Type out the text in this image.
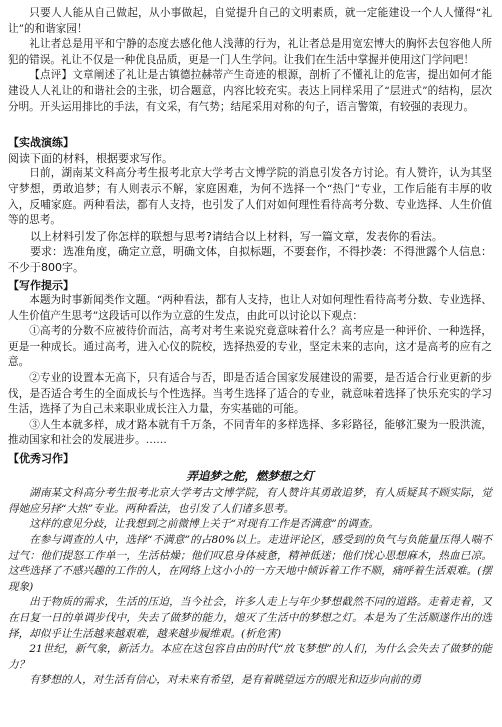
只要人人能从自己做起，从小事做起，自觉提升自己的文明素质，就一定能建设一个人人懂得“礼让”的和谐家园！

礼让者总是用平和宁静的态度去感化他人浅薄的行为，礼让者总是用宽宏博大的胸怀去包容他人所犯的错误。礼让不仅是一种优良品质，更是一门人生学问。让我们在生活中掌握并使用这门学问吧！

【点评】文章阐述了礼让是古镇德拉赫蒂产生奇迹的根源，剖析了不懂礼让的危害，提出如何才能建设人人礼让的和谐社会的主张，切合题意，内容比较充实。表达上同样采用了“层进式”的结构，层次分明。开头运用排比的手法，有文采，有气势；结尾采用对称的句子，语言警策，有较强的表现力。

【实战演练】

阅读下面的材料，根据要求写作。

日前，湖南某文科高分考生报考北京大学考古文博学院的消息引发各方讨论。有人赞许，认为其坚守梦想，勇敢追梦；有人则表示不解，家庭困难，为何不选择一个“热门”专业，工作后能有丰厚的收入，反哺家庭。两种看法，都有人支持，也引发了人们对如何理性看待高考分数、专业选择、人生价值等的思考。

以上材料引发了你怎样的联想与思考?请结合以上材料，写一篇文章，发表你的看法。

要求：选准角度，确定立意，明确文体，自拟标题，不要套作，不得抄袭：不得泄露个人信息：不少于800字。

【写作提示】

本题为时事新闻类作文题。“两种看法，都有人支持，也让人对如何理性看待高考分数、专业选择、人生价值产生思考”这段话可以作为立意的生发点，由此可以讨论以下观点：

①高考的分数不应被待价而沽，高考对考生来说究竟意味着什么？高考应是一种评价、一种选择，更是一种成长。通过高考，进入心仪的院校，选择热爱的专业，坚定未来的志向，这才是高考的应有之意。

②专业的设置本无高下，只有适合与否，即是否适合国家发展建设的需要，是否适合行业更新的步伐，是否适合考生的全面成长与个性选择。当考生选择了适合的专业，就意味着选择了快乐充实的学习生活，选择了为自己未来职业成长注入力量，夯实基础的可能。

③人生本就多样，成才路本就有千万条，不同青年的多样选择、多彩路径，能够汇聚为一股洪流，推动国家和社会的发展进步。……

【优秀习作】
弄追梦之舵，燃梦想之灯

湖南某文科高分考生报考北京大学考古文博学院，有人赞许其勇敢追梦，有人质疑其不顾实际，觉得她应另择“大热”专业。两种看法，也引发了人们诸多思考。

这样的意见分歧，让我想到之前微博上关于“对现有工作是否满意”的调查。

在参与调查的人中，选择“不满意”的占80%以上。走进评论区，感受到的负气与负能量压得人喘不过气：他们提怒工作单一，生活枯燥；他们叹息身体疲惫，精神低迷；他们忧心思想麻木，热血已凉。这些选择了不感兴趣的工作的人，在网络上这小小的一方天地中倾诉着工作不顺，痛呼着生活艰难。(摆现象)

出于物质的需求，生活的压迫，当今社会，许多人走上与年少梦想截然不同的道路。走着走着，又在日复一日的单调步伐中，失去了做梦的能力，熄灭了生活中的梦想之灯。本是为了生活顺遂作出的选择，却似乎让生活越来越艰难，越来越步履维艰。(析危害)

21世纪，新气象，新活力。本应在这包容自由的时代“放飞梦想”的人们，为什么会失去了做梦的能力？

有梦想的人，对生活有信心，对未来有希望，是有着眺望远方的眼光和迈步向前的勇
